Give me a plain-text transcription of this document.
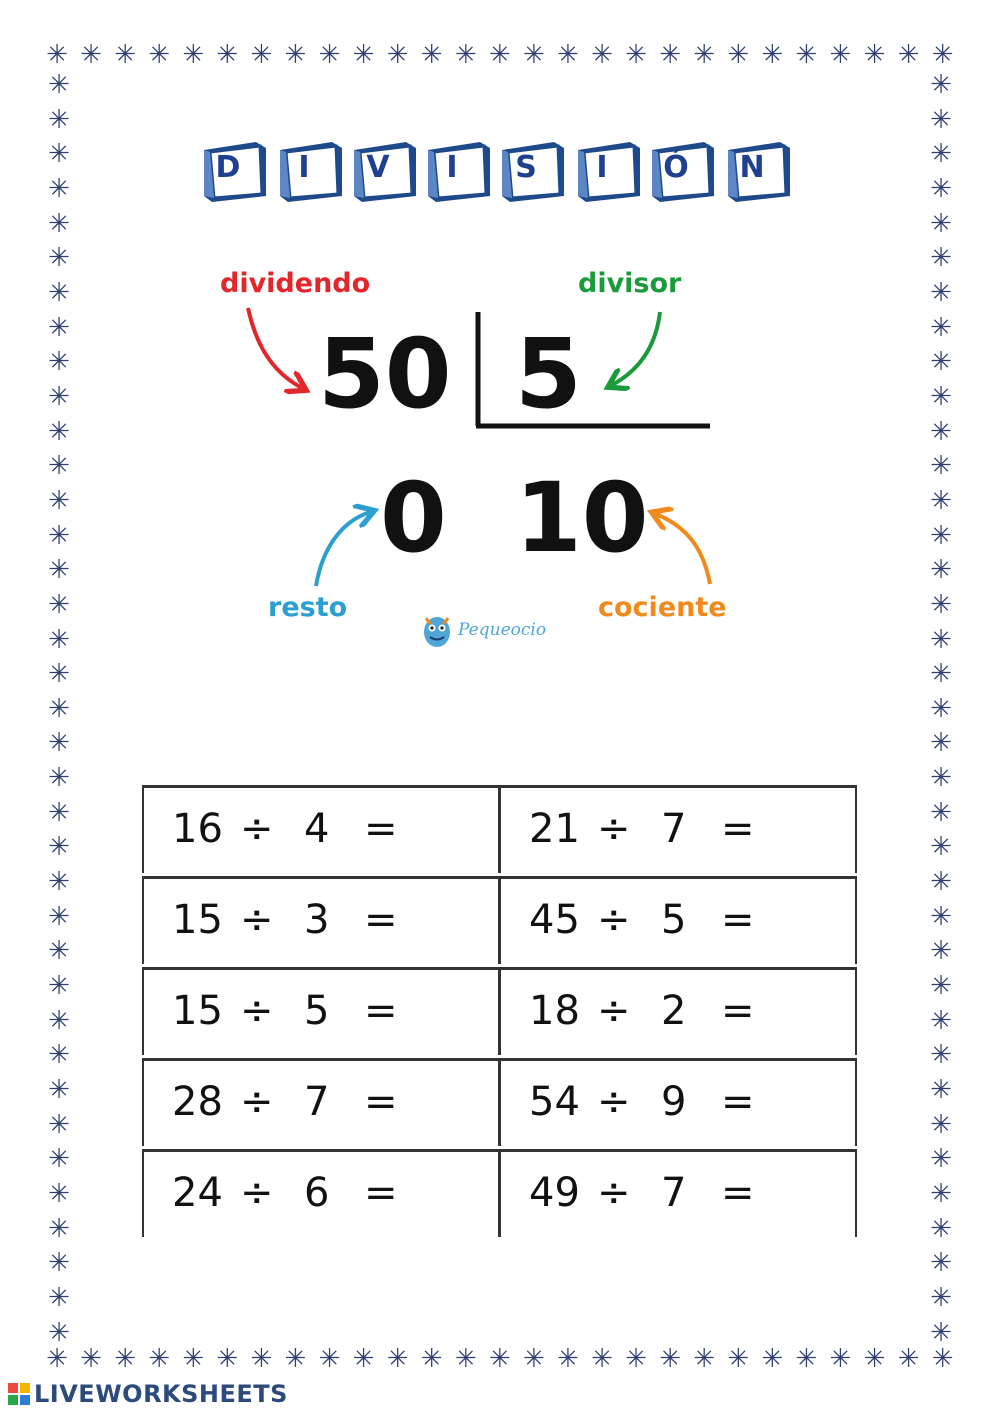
✳ ✳ ✳ ✳ ✳ ✳ ✳ ✳ ✳ ✳ ✳ ✳ ✳ ✳ ✳ ✳ ✳ ✳ ✳ ✳ ✳ ✳ ✳ ✳ ✳ ✳ ✳
✳ ✳ ✳ ✳ ✳ ✳ ✳ ✳ ✳ ✳ ✳ ✳ ✳ ✳ ✳ ✳ ✳ ✳ ✳ ✳ ✳ ✳ ✳ ✳ ✳ ✳ ✳
✳
✳
✳
✳
✳
✳
✳
✳
✳
✳
✳
✳
✳
✳
✳
✳
✳
✳
✳
✳
✳
✳
✳
✳
✳
✳
✳
✳
✳
✳
✳
✳
✳
✳
✳
✳
✳
✳
✳
✳
✳
✳
✳
✳
✳
✳
✳
✳
✳
✳
✳
✳
✳
✳
✳
✳
✳
✳
✳
✳
✳
✳
✳
✳
✳
✳
✳
✳
✳
✳
✳
✳
✳
✳
D	I	V	I	S	I	Ó	N
dividendo	divisor
resto	cociente
50 5
0 10
Pequeocio
16 ÷ 4 =	21 ÷ 7 =
15 ÷ 3 =	45 ÷ 5 =
15 ÷ 5 =	18 ÷ 2 =
28 ÷ 7 =	54 ÷ 9 =
24 ÷ 6 =	49 ÷ 7 =
LIVEWORKSHEETS
